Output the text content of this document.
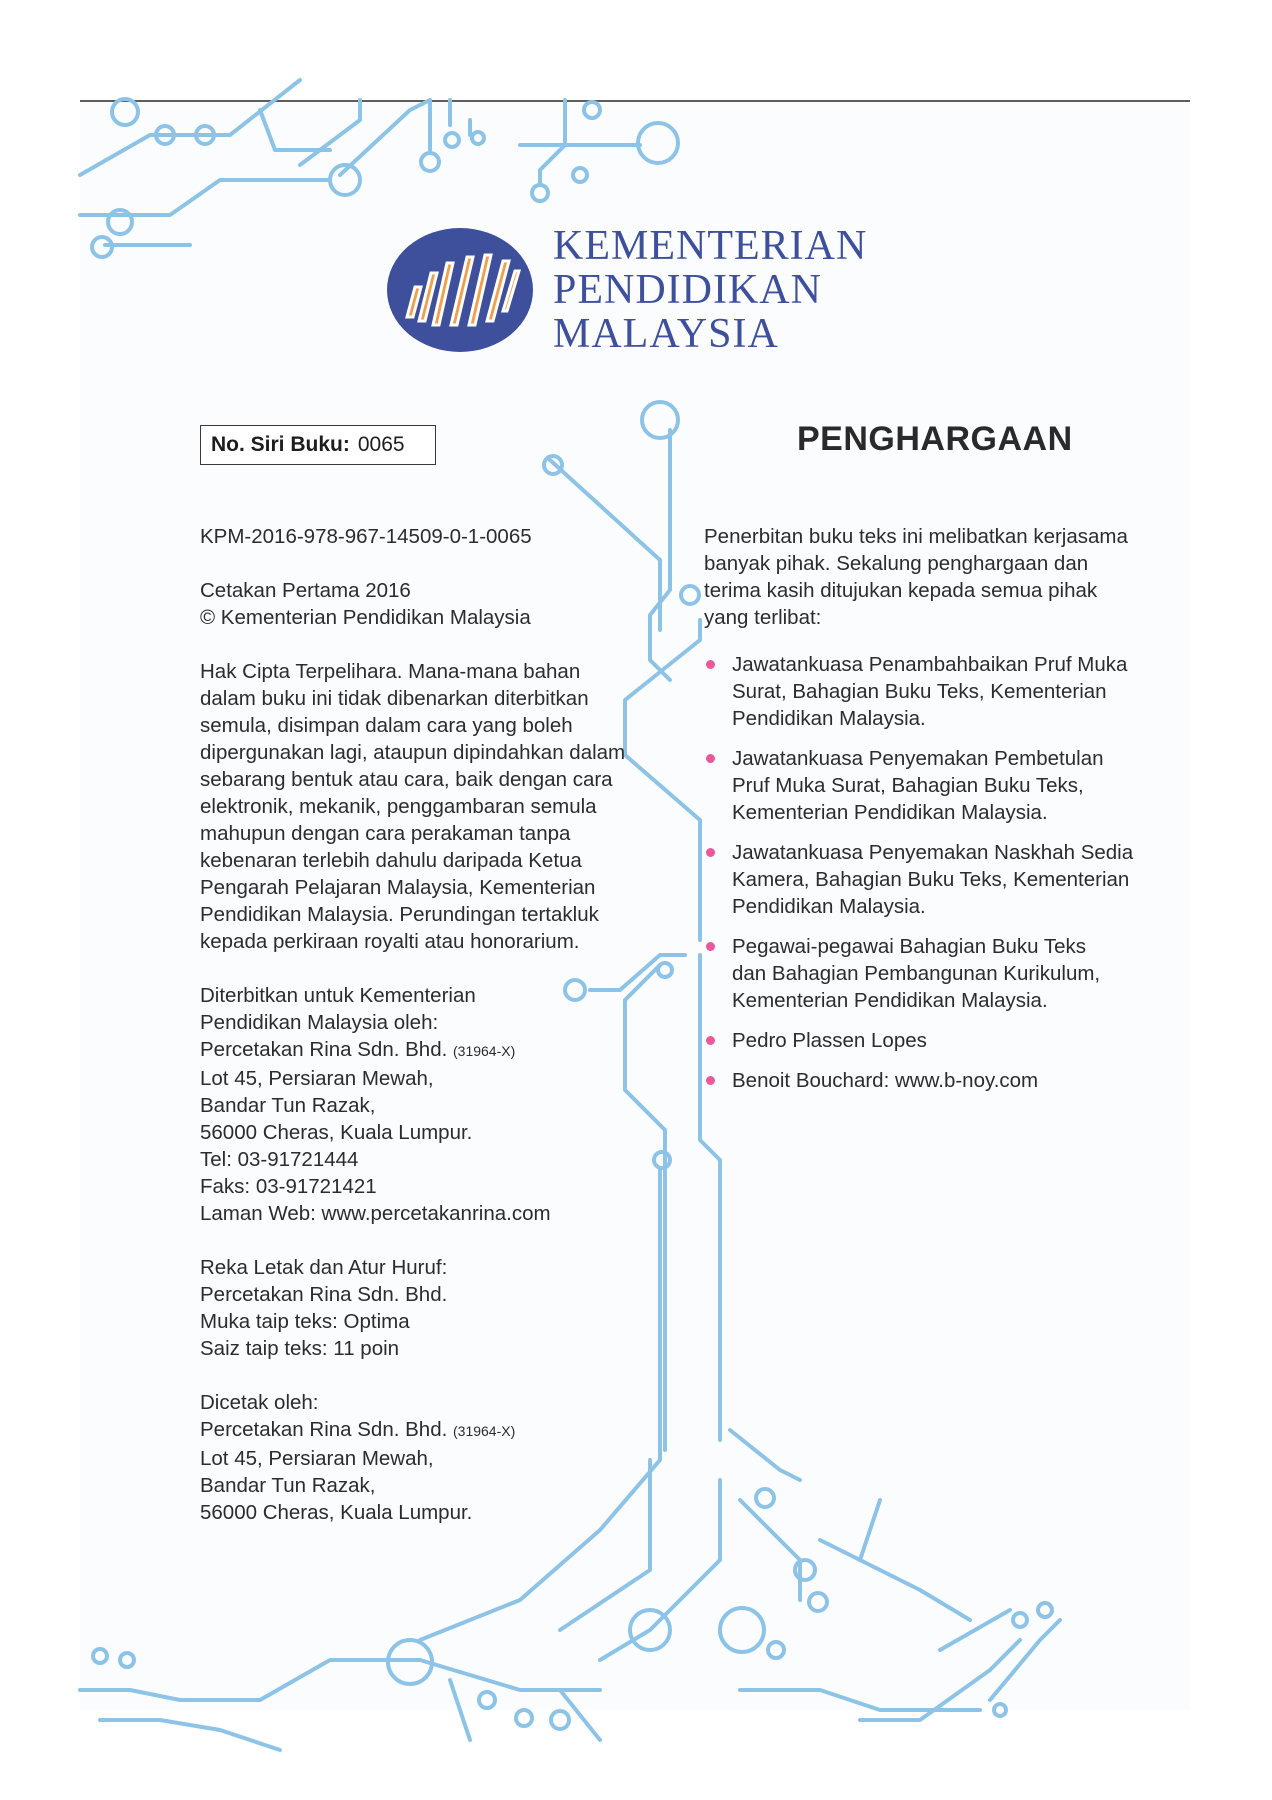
KEMENTERIAN
PENDIDIKAN
MALAYSIA
No. Siri Buku: 0065	PENGHARGAAN

KPM-2016-978-967-14509-0-1-0065

Cetakan Pertama 2016
© Kementerian Pendidikan Malaysia

Hak Cipta Terpelihara. Mana-mana bahan
dalam buku ini tidak dibenarkan diterbitkan
semula, disimpan dalam cara yang boleh
dipergunakan lagi, ataupun dipindahkan dalam
sebarang bentuk atau cara, baik dengan cara
elektronik, mekanik, penggambaran semula
mahupun dengan cara perakaman tanpa
kebenaran terlebih dahulu daripada Ketua
Pengarah Pelajaran Malaysia, Kementerian
Pendidikan Malaysia. Perundingan tertakluk
kepada perkiraan royalti atau honorarium.

Diterbitkan untuk Kementerian
Pendidikan Malaysia oleh:
Percetakan Rina Sdn. Bhd. (31964-X)
Lot 45, Persiaran Mewah,
Bandar Tun Razak,
56000 Cheras, Kuala Lumpur.
Tel: 03-91721444
Faks: 03-91721421
Laman Web: www.percetakanrina.com

Reka Letak dan Atur Huruf:
Percetakan Rina Sdn. Bhd.
Muka taip teks: Optima
Saiz taip teks: 11 poin

Dicetak oleh:
Percetakan Rina Sdn. Bhd. (31964-X)
Lot 45, Persiaran Mewah,
Bandar Tun Razak,
56000 Cheras, Kuala Lumpur.

Penerbitan buku teks ini melibatkan kerjasama
banyak pihak. Sekalung penghargaan dan
terima kasih ditujukan kepada semua pihak
yang terlibat:

Jawatankuasa Penambahbaikan Pruf Muka
Surat, Bahagian Buku Teks, Kementerian
Pendidikan Malaysia.
Jawatankuasa Penyemakan Pembetulan
Pruf Muka Surat, Bahagian Buku Teks,
Kementerian Pendidikan Malaysia.
Jawatankuasa Penyemakan Naskhah Sedia
Kamera, Bahagian Buku Teks, Kementerian
Pendidikan Malaysia.
Pegawai-pegawai Bahagian Buku Teks
dan Bahagian Pembangunan Kurikulum,
Kementerian Pendidikan Malaysia.
Pedro Plassen Lopes
Benoit Bouchard: www.b-noy.com
